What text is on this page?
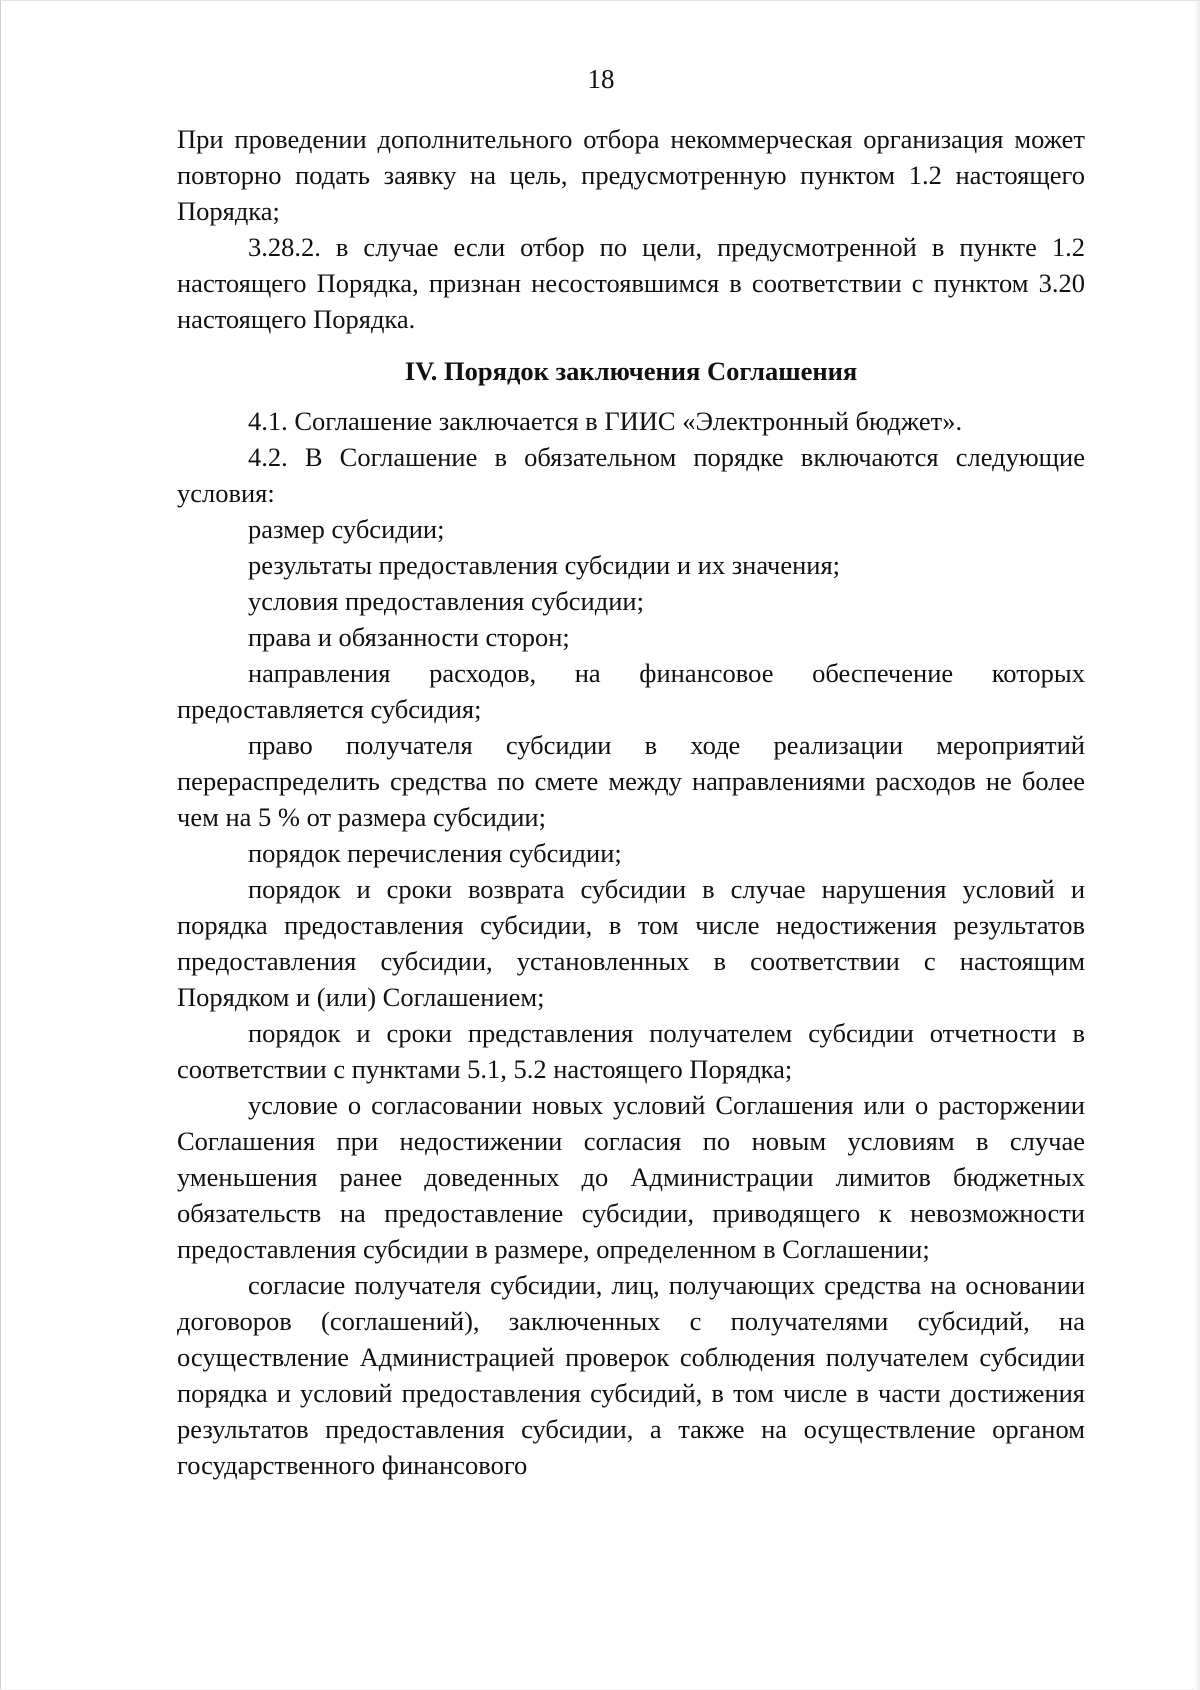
18

При проведении дополнительного отбора некоммерческая организация может повторно подать заявку на цель, предусмотренную пунктом 1.2 настоящего Порядка;

3.28.2. в случае если отбор по цели, предусмотренной в пункте 1.2 настоящего Порядка, признан несостоявшимся в соответствии с пунктом 3.20 настоящего Порядка.

IV. Порядок заключения Соглашения

4.1. Соглашение заключается в ГИИС «Электронный бюджет».

4.2. В Соглашение в обязательном порядке включаются следующие условия:

размер субсидии;

результаты предоставления субсидии и их значения;

условия предоставления субсидии;

права и обязанности сторон;

направления расходов, на финансовое обеспечение которых предоставляется субсидия;

право получателя субсидии в ходе реализации мероприятий перераспределить средства по смете между направлениями расходов не более чем на 5 % от размера субсидии;

порядок перечисления субсидии;

порядок и сроки возврата субсидии в случае нарушения условий и порядка предоставления субсидии, в том числе недостижения результатов предоставления субсидии, установленных в соответствии с настоящим Порядком и (или) Соглашением;

порядок и сроки представления получателем субсидии отчетности в соответствии с пунктами 5.1, 5.2 настоящего Порядка;

условие о согласовании новых условий Соглашения или о расторжении Соглашения при недостижении согласия по новым условиям в случае уменьшения ранее доведенных до Администрации лимитов бюджетных обязательств на предоставление субсидии, приводящего к невозможности предоставления субсидии в размере, определенном в Соглашении;

согласие получателя субсидии, лиц, получающих средства на основании договоров (соглашений), заключенных с получателями субсидий, на осуществление Администрацией проверок соблюдения получателем субсидии порядка и условий предоставления субсидий, в том числе в части достижения результатов предоставления субсидии, а также на осуществление органом государственного финансового
